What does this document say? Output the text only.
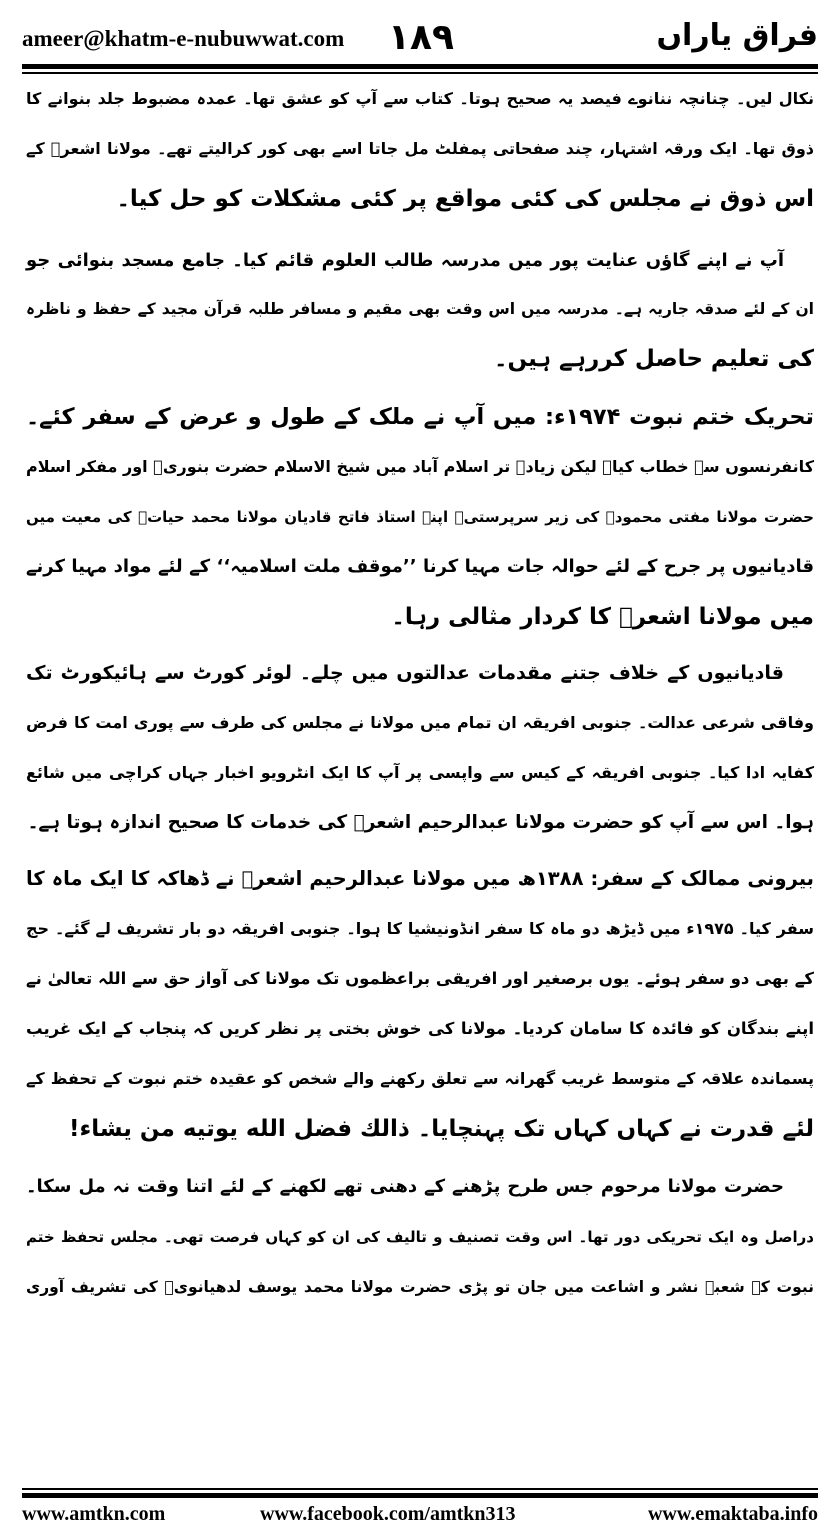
ameer@khatm-e-nubuwwat.com ۱۸۹	فراق یاراں
نکال لیں۔ چنانچہ ننانوے فیصد یہ صحیح ہوتا۔ کتاب سے آپ کو عشق تھا۔ عمدہ مضبوط جلد بنوانے کا
ذوق تھا۔ ایک ورقہ اشتہار، چند صفحاتی پمفلٹ مل جاتا اسے بھی کور کرالیتے تھے۔ مولانا اشعرؒ کے
اس ذوق نے مجلس کی کئی مواقع پر کئی مشکلات کو حل کیا۔
آپ نے اپنے گاؤں عنایت پور میں مدرسہ طالب العلوم قائم کیا۔ جامع مسجد بنوائی جو
ان کے لئے صدقہ جاریہ ہے۔ مدرسہ میں اس وقت بھی مقیم و مسافر طلبہ قرآن مجید کے حفظ و ناظرہ
کی تعلیم حاصل کررہے ہیں۔
تحریک ختم نبوت ۱۹۷۴ء: میں آپ نے ملک کے طول و عرض کے سفر کئے۔
کانفرنسوں سے خطاب کیا۔ لیکن زیادہ تر اسلام آباد میں شیخ الاسلام حضرت بنوریؒ اور مفکر اسلام
حضرت مولانا مفتی محمودؒ کی زیر سرپرستی۔ اپنے استاذ فاتح قادیان مولانا محمد حیاتؒ کی معیت میں
قادیانیوں پر جرح کے لئے حوالہ جات مہیا کرنا ’’موقف ملت اسلامیہ‘‘ کے لئے مواد مہیا کرنے
میں مولانا اشعرؒ کا کردار مثالی رہا۔
قادیانیوں کے خلاف جتنے مقدمات عدالتوں میں چلے۔ لوئر کورٹ سے ہائیکورٹ تک
وفاقی شرعی عدالت۔ جنوبی افریقہ ان تمام میں مولانا نے مجلس کی طرف سے پوری امت کا فرض
کفایہ ادا کیا۔ جنوبی افریقہ کے کیس سے واپسی پر آپ کا ایک انٹرویو اخبار جہاں کراچی میں شائع
ہوا۔ اس سے آپ کو حضرت مولانا عبدالرحیم اشعرؒ کی خدمات کا صحیح اندازہ ہوتا ہے۔
بیرونی ممالک کے سفر: ۱۳۸۸ھ میں مولانا عبدالرحیم اشعرؒ نے ڈھاکہ کا ایک ماہ کا
سفر کیا۔ ۱۹۷۵ء میں ڈیڑھ دو ماہ کا سفر انڈونیشیا کا ہوا۔ جنوبی افریقہ دو بار تشریف لے گئے۔ حج
کے بھی دو سفر ہوئے۔ یوں برصغیر اور افریقی براعظموں تک مولانا کی آواز حق سے اللہ تعالیٰ نے
اپنے بندگان کو فائدہ کا سامان کردیا۔ مولانا کی خوش بختی پر نظر کریں کہ پنجاب کے ایک غریب
پسماندہ علاقہ کے متوسط غریب گھرانہ سے تعلق رکھنے والے شخص کو عقیدہ ختم نبوت کے تحفظ کے
لئے قدرت نے کہاں کہاں تک پہنچایا۔ ذالك فضل الله يوتيه من يشاء!
حضرت مولانا مرحوم جس طرح پڑھنے کے دھنی تھے لکھنے کے لئے اتنا وقت نہ مل سکا۔
دراصل وہ ایک تحریکی دور تھا۔ اس وقت تصنیف و تالیف کی ان کو کہاں فرصت تھی۔ مجلس تحفظ ختم
نبوت کے شعبہ نشر و اشاعت میں جان تو پڑی حضرت مولانا محمد یوسف لدھیانویؒ کی تشریف آوری
www.amtkn.com	www.facebook.com/amtkn313	www.emaktaba.info
